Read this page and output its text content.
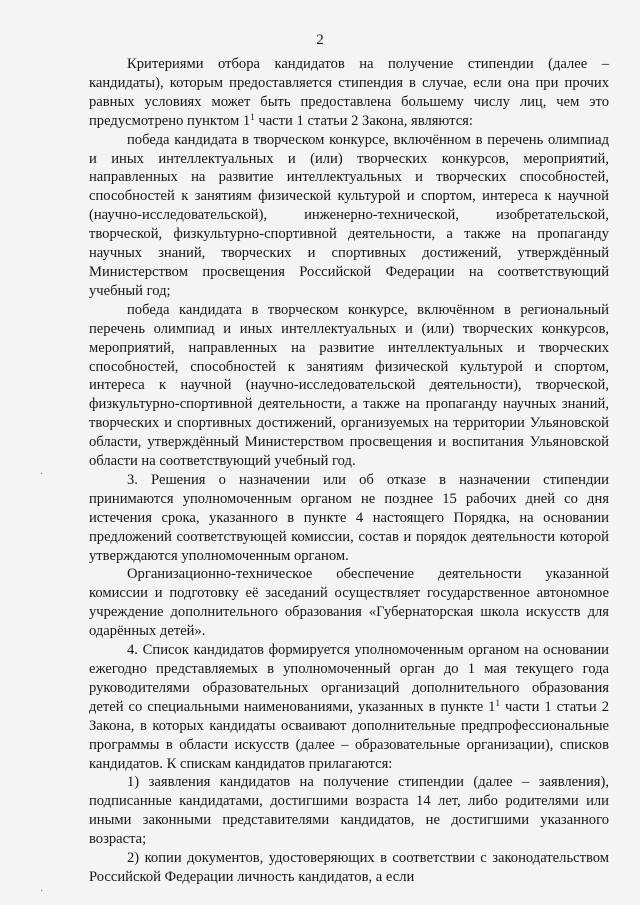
2

Критериями отбора кандидатов на получение стипендии (далее – кандидаты), которым предоставляется стипендия в случае, если она при прочих равных условиях может быть предоставлена большему числу лиц, чем это предусмотрено пунктом $1^1$ части 1 статьи 2 Закона, являются:

победа кандидата в творческом конкурсе, включённом в перечень олимпиад и иных интеллектуальных и (или) творческих конкурсов, мероприятий, направленных на развитие интеллектуальных и творческих способностей, способностей к занятиям физической культурой и спортом, интереса к научной (научно-исследовательской), инженерно-технической, изобретательской, творческой, физкультурно-спортивной деятельности, а также на пропаганду научных знаний, творческих и спортивных достижений, утверждённый Министерством просвещения Российской Федерации на соответствующий учебный год;

победа кандидата в творческом конкурсе, включённом в региональный перечень олимпиад и иных интеллектуальных и (или) творческих конкурсов, мероприятий, направленных на развитие интеллектуальных и творческих способностей, способностей к занятиям физической культурой и спортом, интереса к научной (научно-исследовательской деятельности), творческой, физкультурно-спортивной деятельности, а также на пропаганду научных знаний, творческих и спортивных достижений, организуемых на территории Ульяновской области, утверждённый Министерством просвещения и воспитания Ульяновской области на соответствующий учебный год.

3. Решения о назначении или об отказе в назначении стипендии принимаются уполномоченным органом не позднее 15 рабочих дней со дня истечения срока, указанного в пункте 4 настоящего Порядка, на основании предложений соответствующей комиссии, состав и порядок деятельности которой утверждаются уполномоченным органом.

Организационно-техническое обеспечение деятельности указанной комиссии и подготовку её заседаний осуществляет государственное автономное учреждение дополнительного образования «Губернаторская школа искусств для одарённых детей».

4. Список кандидатов формируется уполномоченным органом на основании ежегодно представляемых в уполномоченный орган до 1 мая текущего года руководителями образовательных организаций дополнительного образования детей со специальными наименованиями, указанных в пункте $1^1$ части 1 статьи 2 Закона, в которых кандидаты осваивают дополнительные предпрофессиональные программы в области искусств (далее – образовательные организации), списков кандидатов. К спискам кандидатов прилагаются:

1) заявления кандидатов на получение стипендии (далее – заявления), подписанные кандидатами, достигшими возраста 14 лет, либо родителями или иными законными представителями кандидатов, не достигшими указанного возраста;

2) копии документов, удостоверяющих в соответствии с законодательством Российской Федерации личность кандидатов, а если

·
·
